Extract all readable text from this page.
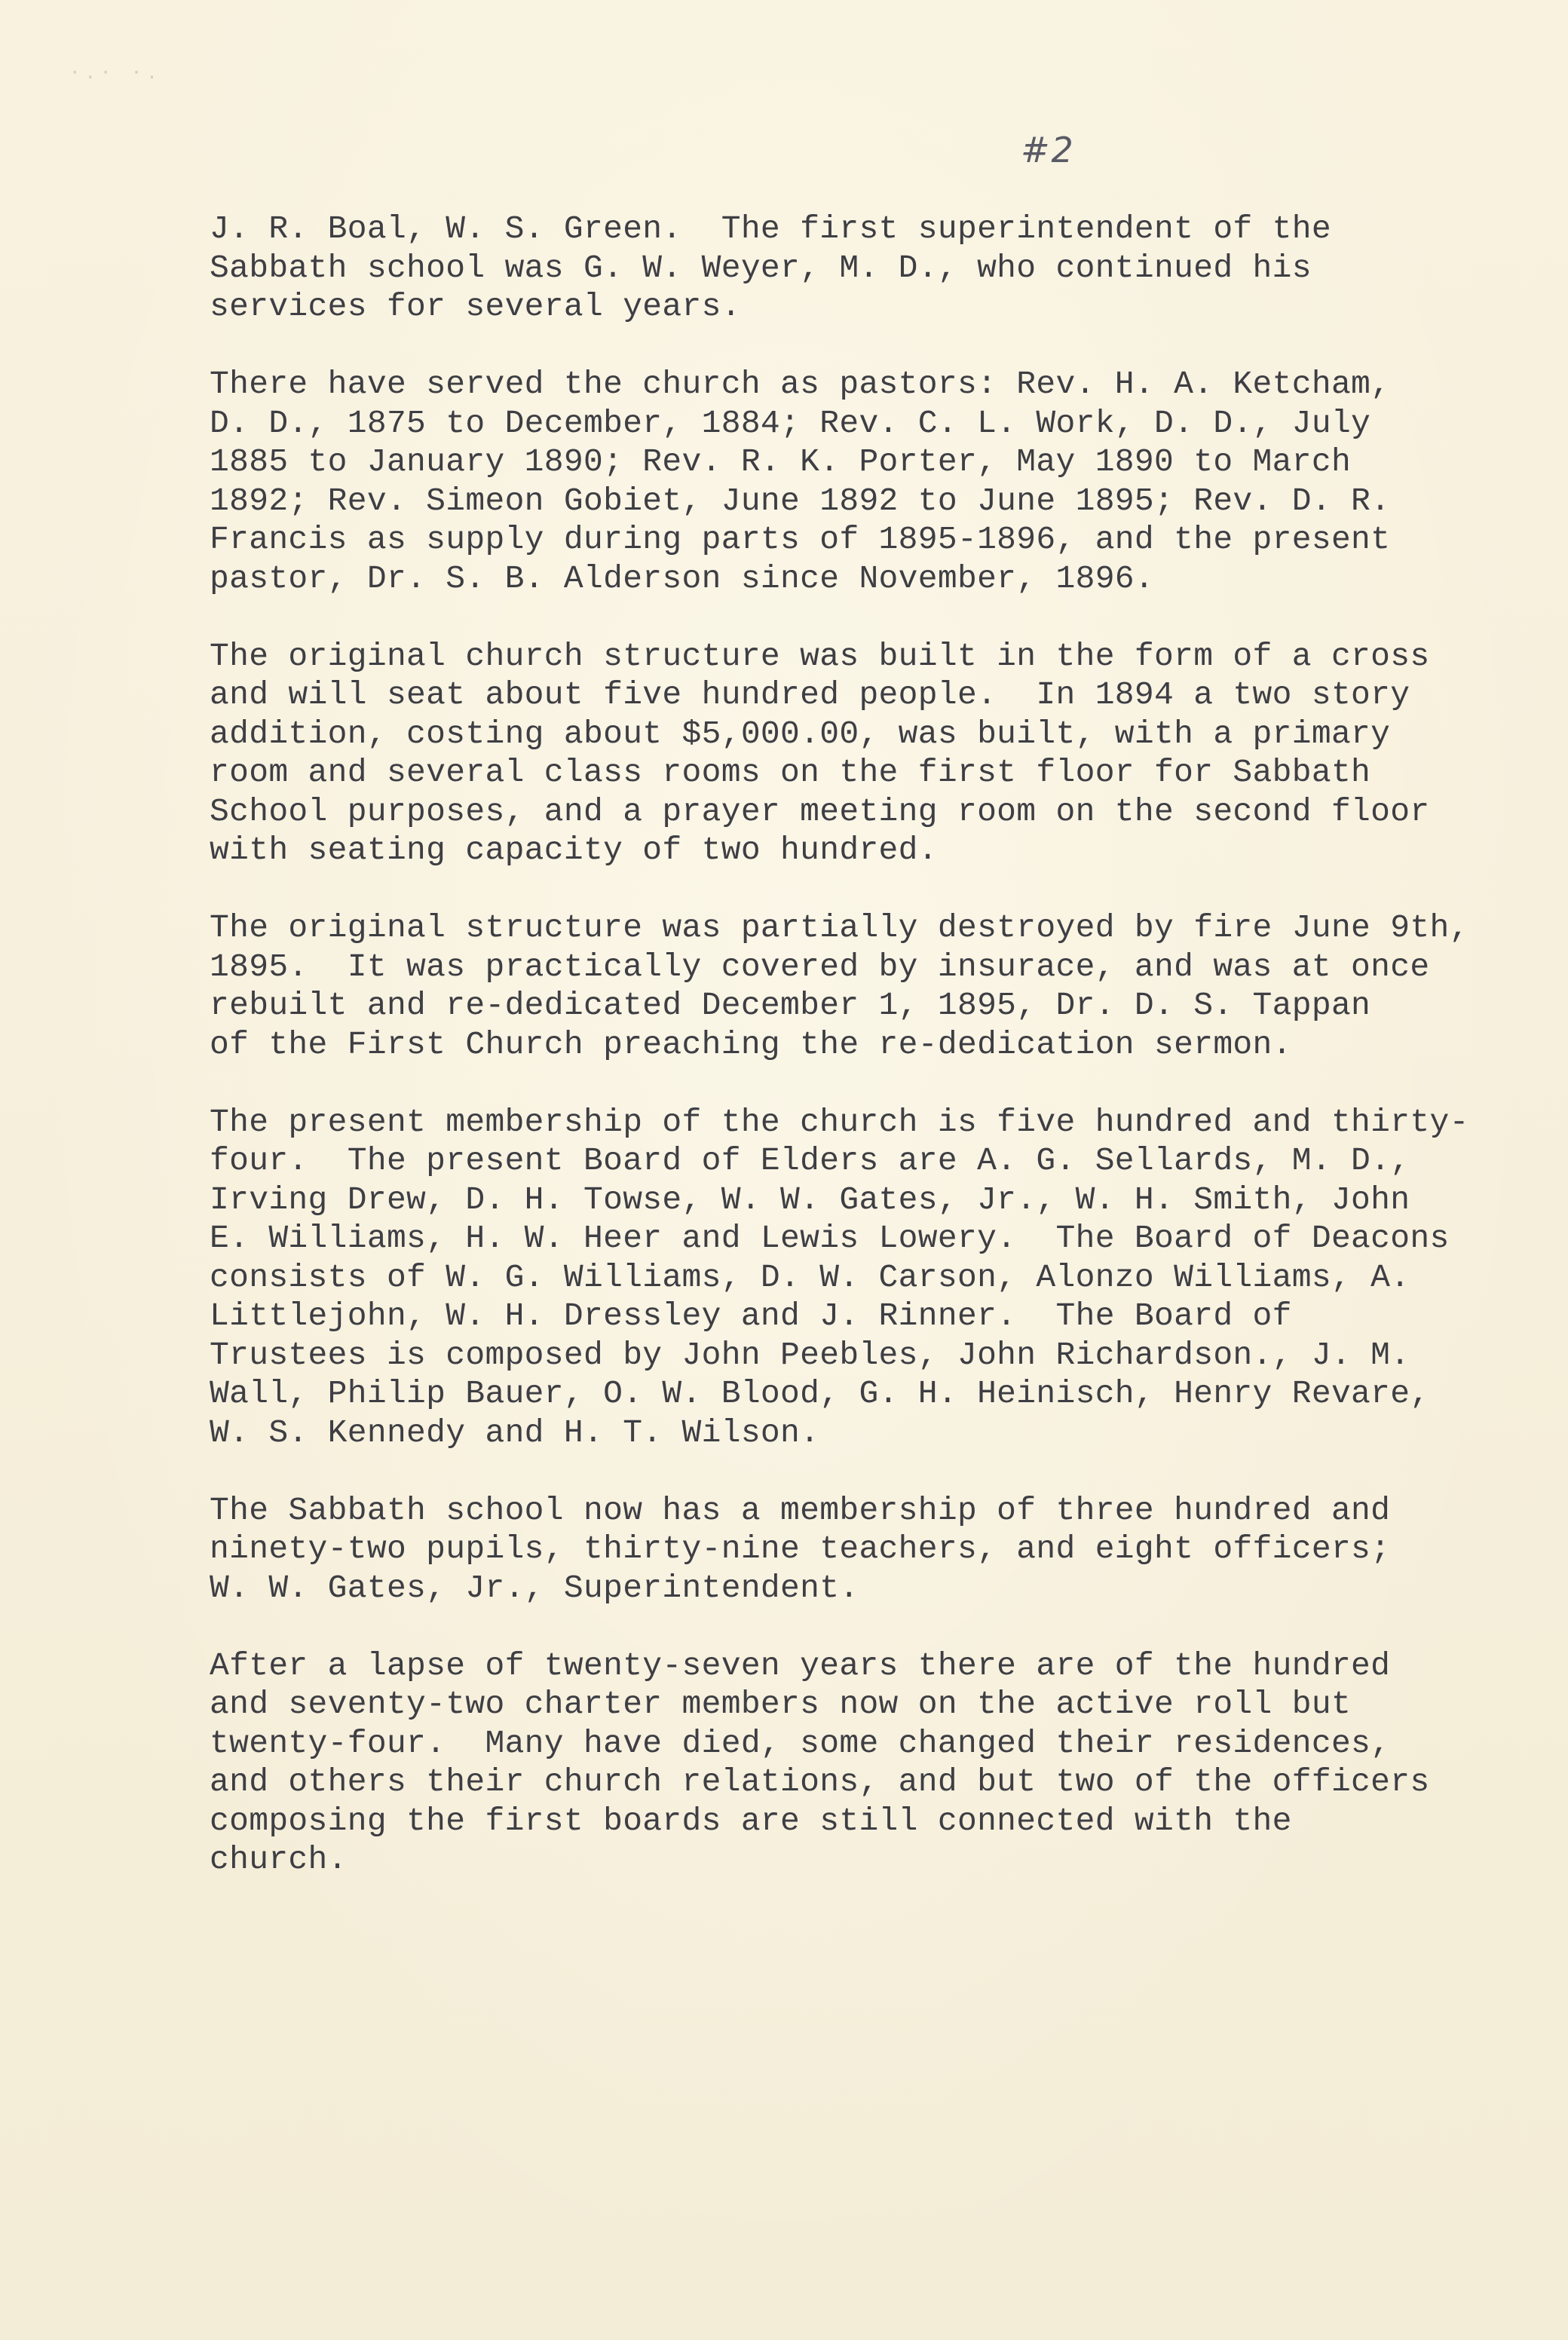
·.· ·.
#2

J. R. Boal, W. S. Green.  The first superintendent of the
Sabbath school was G. W. Weyer, M. D., who continued his
services for several years.

There have served the church as pastors: Rev. H. A. Ketcham,
D. D., 1875 to December, 1884; Rev. C. L. Work, D. D., July
1885 to January 1890; Rev. R. K. Porter, May 1890 to March
1892; Rev. Simeon Gobiet, June 1892 to June 1895; Rev. D. R.
Francis as supply during parts of 1895-1896, and the present
pastor, Dr. S. B. Alderson since November, 1896.

The original church structure was built in the form of a cross
and will seat about five hundred people.  In 1894 a two story
addition, costing about $5,000.00, was built, with a primary
room and several class rooms on the first floor for Sabbath
School purposes, and a prayer meeting room on the second floor
with seating capacity of two hundred.

The original structure was partially destroyed by fire June 9th,
1895.  It was practically covered by insurace, and was at once
rebuilt and re-dedicated December 1, 1895, Dr. D. S. Tappan
of the First Church preaching the re-dedication sermon.

The present membership of the church is five hundred and thirty-
four.  The present Board of Elders are A. G. Sellards, M. D.,
Irving Drew, D. H. Towse, W. W. Gates, Jr., W. H. Smith, John
E. Williams, H. W. Heer and Lewis Lowery.  The Board of Deacons
consists of W. G. Williams, D. W. Carson, Alonzo Williams, A.
Littlejohn, W. H. Dressley and J. Rinner.  The Board of
Trustees is composed by John Peebles, John Richardson., J. M.
Wall, Philip Bauer, O. W. Blood, G. H. Heinisch, Henry Revare,
W. S. Kennedy and H. T. Wilson.

The Sabbath school now has a membership of three hundred and
ninety-two pupils, thirty-nine teachers, and eight officers;
W. W. Gates, Jr., Superintendent.

After a lapse of twenty-seven years there are of the hundred
and seventy-two charter members now on the active roll but
twenty-four.  Many have died, some changed their residences,
and others their church relations, and but two of the officers
composing the first boards are still connected with the
church.
